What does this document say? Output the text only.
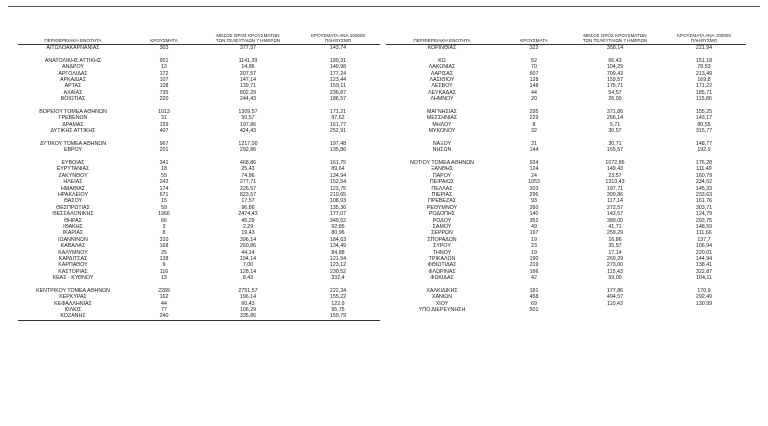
ΠΕΡΙΦΕΡΕΙΑΚΗ ΕΝΟΤΗΤΑ	ΚΡΟΥΣΜΑΤΑ
ΜΕΣΟΣ ΟΡΟΣ ΚΡΟΥΣΜΑΤΩΝ
ΤΩΝ ΤΕΛΕΥΤΑΙΩΝ 7 ΗΜΕΡΩΝ
ΚΡΟΥΣΜΑΤΑ ΑΝΑ 100000
ΠΛΗΘΥΣΜΟ
ΑΙΤΩΛΟΑΚΑΡΝΑΝΙΑΣ	303	377,57	143,74
ΑΝΑΤΟΛΙΚΗΣ ΑΤΤΙΚΗΣ	951	1141,29	189,31
ΑΝΔΡΟΥ	13	14,86	140,98
ΑΡΓΟΛΙΔΑΣ	172	207,57	177,24
ΑΡΚΑΔΙΑΣ	107	147,14	123,44
ΑΡΤΑΣ	108	139,71	159,11
ΑΧΑΪΑΣ	735	802,29	236,87
ΒΟΙΩΤΙΑΣ	220	244,43	186,57
ΒΟΡΕΙΟΥ ΤΟΜΕΑ ΑΘΗΝΩΝ	1013	1309,57	171,21
ΓΡΕΒΕΝΩΝ	31	50,57	97,62
ΔΡΑΜΑΣ	159	197,86	161,77
ΔΥΤΙΚΗΣ ΑΤΤΙΚΗΣ	407	424,43	252,91
ΔΥΤΙΚΟΥ ΤΟΜΕΑ ΑΘΗΝΩΝ	967	1217,00	197,48
ΕΒΡΟΥ	201	292,86	135,86
ΕΥΒΟΙΑΣ	341	468,86	161,75
ΕΥΡΥΤΑΝΙΑΣ	18	25,43	89,64
ΖΑΚΥΝΘΟΥ	55	74,86	134,94
ΗΛΕΙΑΣ	243	277,71	152,54
ΗΜΑΘΙΑΣ	174	226,57	123,75
ΗΡΑΚΛΕΙΟΥ	671	823,57	219,65
ΘΑΣΟΥ	15	17,57	108,93
ΘΕΣΠΡΩΤΙΑΣ	59	96,86	135,36
ΘΕΣΣΑΛΟΝΙΚΗΣ	1966	2474,43	177,07
ΘΗΡΑΣ	66	45,29	349,52
ΙΘΑΚΗΣ	3	2,29	92,85
ΙΚΑΡΙΑΣ	8	19,43	80,96
ΙΩΑΝΝΙΝΩΝ	310	396,14	184,63
ΚΑΒΑΛΑΣ	168	260,86	134,49
ΚΑΛΥΜΝΟΥ	25	44,14	84,88
ΚΑΡΔΙΤΣΑΣ	138	194,14	121,54
ΚΑΡΠΑΘΟΥ	9	7,00	123,12
ΚΑΣΤΟΡΙΑΣ	116	128,14	230,52
ΚΕΑΣ - ΚΥΘΝΟΥ	13	8,43	332,4
ΚΕΝΤΡΙΚΟΥ ΤΟΜΕΑ ΑΘΗΝΩΝ	2289	2751,57	222,34
ΚΕΡΚΥΡΑΣ	162	196,14	155,22
ΚΕΦΑΛΛΗΝΙΑΣ	44	60,43	122,9
ΚΙΛΚΙΣ	77	106,29	95,75
ΚΟΖΑΝΗΣ	240	335,86	159,79
ΠΕΡΙΦΕΡΕΙΑΚΗ ΕΝΟΤΗΤΑ	ΚΡΟΥΣΜΑΤΑ
ΜΕΣΟΣ ΟΡΟΣ ΚΡΟΥΣΜΑΤΩΝ
ΤΩΝ ΤΕΛΕΥΤΑΙΩΝ 7 ΗΜΕΡΩΝ
ΚΡΟΥΣΜΑΤΑ ΑΝΑ 100000
ΠΛΗΘΥΣΜΟ
ΚΟΡΙΝΘΙΑΣ	322	358,14	221,94
ΚΩ	52	66,43	151,18
ΛΑΚΩΝΙΑΣ	70	104,29	78,53
ΛΑΡΙΣΑΣ	607	709,43	213,49
ΛΑΣΙΘΙΟΥ	128	159,57	169,8
ΛΕΣΒΟΥ	148	175,71	171,22
ΛΕΥΚΑΔΑΣ	44	54,57	185,71
ΛΗΜΝΟΥ	20	26,00	115,86
ΜΑΓΝΗΣΙΑΣ	295	371,86	155,25
ΜΕΣΣΗΝΙΑΣ	229	266,14	143,17
ΜΗΛΟΥ	8	5,71	80,55
ΜΥΚΟΝΟΥ	32	30,57	315,77
ΝΑΞΟΥ	31	30,71	148,77
ΝΗΣΩΝ	144	165,57	192,9
ΝΟΤΙΟΥ ΤΟΜΕΑ ΑΘΗΝΩΝ	934	1072,86	176,28
ΞΑΝΘΗΣ	124	149,43	111,49
ΠΑΡΟΥ	24	23,57	160,79
ΠΕΙΡΑΙΩΣ	1053	1313,43	234,52
ΠΕΛΛΑΣ	203	197,71	145,33
ΠΙΕΡΙΑΣ	296	309,86	233,63
ΠΡΕΒΕΖΑΣ	93	117,14	161,76
ΡΕΘΥΜΝΟΥ	260	272,57	303,71
ΡΟΔΟΠΗΣ	140	143,57	124,79
ΡΟΔΟΥ	352	389,00	293,75
ΣΑΜΟΥ	49	41,71	148,59
ΣΕΡΡΩΝ	197	259,29	111,66
ΣΠΟΡΑΔΩΝ	19	16,86	137,7
ΣΥΡΟΥ	23	35,57	106,94
ΤΗΝΟΥ	19	17,14	220,01
ΤΡΙΚΑΛΩΝ	190	269,29	144,94
ΦΘΙΩΤΙΔΑΣ	219	273,00	138,41
ΦΛΩΡΙΝΑΣ	166	115,43	322,87
ΦΩΚΙΔΑΣ	42	59,00	104,11
ΧΑΛΚΙΔΙΚΗΣ	181	177,86	170,9
ΧΑΝΙΩΝ	458	494,57	292,49
ΧΙΟΥ	69	110,43	130,99
ΥΠΟ ΔΙΕΡΕΥΝΗΣΗ	501
